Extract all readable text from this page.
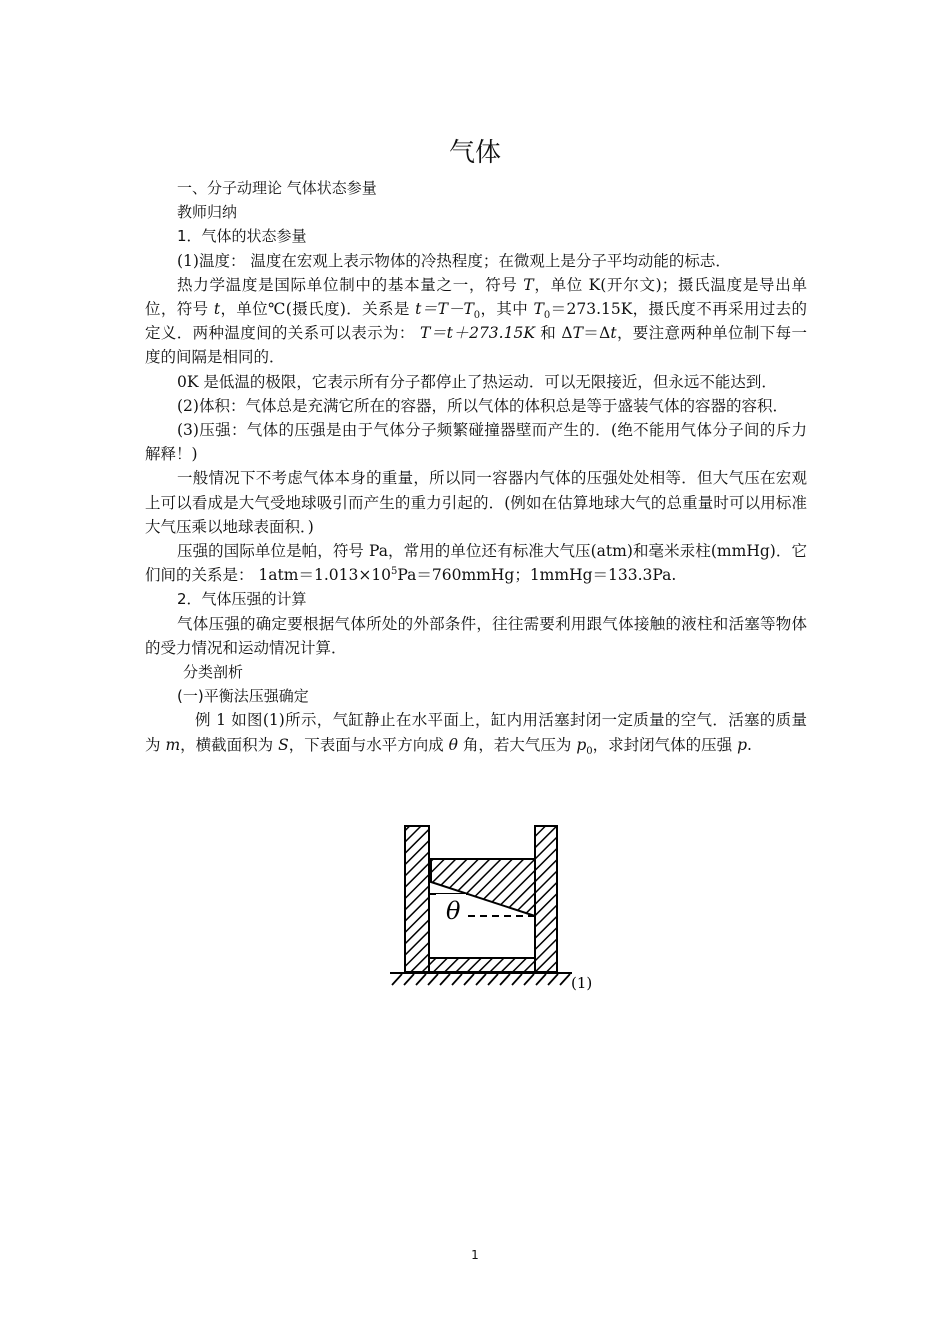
气体

一、分子动理论 气体状态参量

教师归纳

1．气体的状态参量

(1)温度： 温度在宏观上表示物体的冷热程度；在微观上是分子平均动能的标志．

热力学温度是国际单位制中的基本量之一，符号 T，单位 K(开尔文)；摄氏温度是导出单位，符号 t，单位℃(摄氏度)．关系是 $t=T-T_0$，其中 $T_0=273.15K$，摄氏度不再采用过去的定义．两种温度间的关系可以表示为： T＝t＋273.15K 和 ΔT＝Δt，要注意两种单位制下每一度的间隔是相同的．

0K 是低温的极限，它表示所有分子都停止了热运动．可以无限接近，但永远不能达到．

(2)体积：气体总是充满它所在的容器，所以气体的体积总是等于盛装气体的容器的容积．

(3)压强：气体的压强是由于气体分子频繁碰撞器壁而产生的．(绝不能用气体分子间的斥力解释！)

一般情况下不考虑气体本身的重量，所以同一容器内气体的压强处处相等．但大气压在宏观上可以看成是大气受地球吸引而产生的重力引起的．(例如在估算地球大气的总重量时可以用标准大气压乘以地球表面积．)

压强的国际单位是帕，符号 Pa，常用的单位还有标准大气压(atm)和毫米汞柱(mmHg)．它们间的关系是： $1atm=1.013\times 10^5Pa=760mmHg$；1mmHg＝133.3Pa.

2．气体压强的计算

气体压强的确定要根据气体所处的外部条件，往往需要利用跟气体接触的液柱和活塞等物体的受力情况和运动情况计算．

分类剖析

(一)平衡法压强确定

例 1 如图(1)所示，气缸静止在水平面上，缸内用活塞封闭一定质量的空气．活塞的质量为 m，横截面积为 S，下表面与水平方向成 θ 角，若大气压为 $p_0$，求封闭气体的压强 p.

θ
(1)
1
